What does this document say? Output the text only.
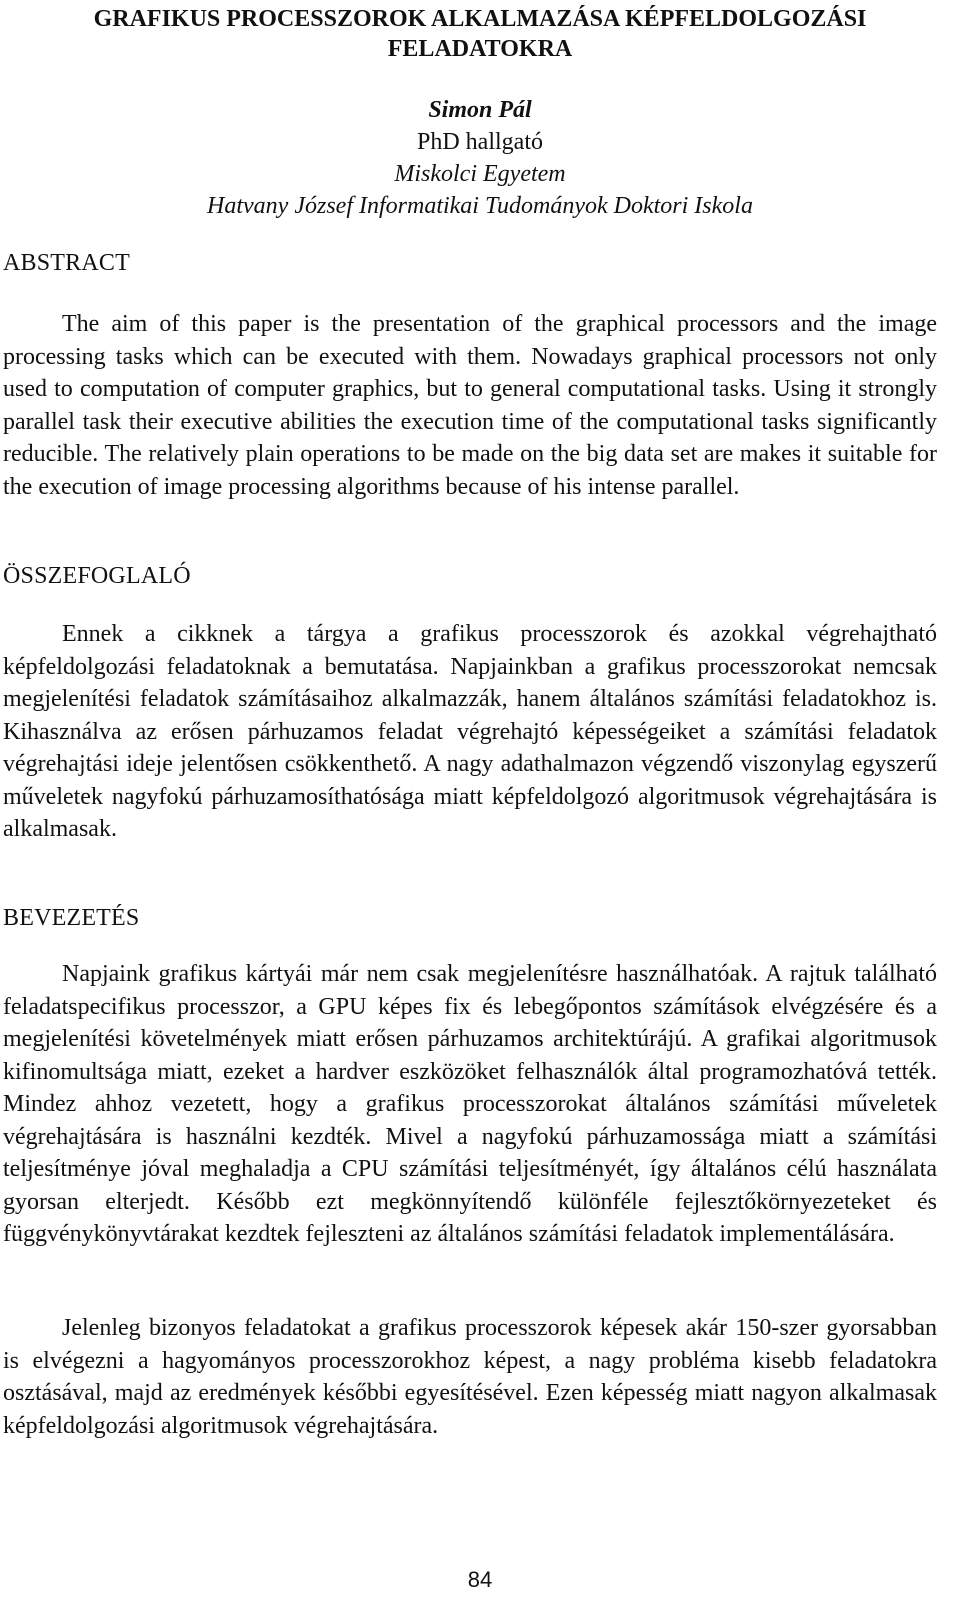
GRAFIKUS PROCESSZOROK ALKALMAZÁSA KÉPFELDOLGOZÁSI FELADATOKRA
Simon Pál
PhD hallgató
Miskolci Egyetem
Hatvany József Informatikai Tudományok Doktori Iskola
ABSTRACT

The aim of this paper is the presentation of the graphical processors and the image processing tasks which can be executed with them. Nowadays graphical processors not only used to computation of computer graphics, but to general computational tasks. Using it strongly parallel task their executive abilities the execution time of the computational tasks significantly reducible. The relatively plain operations to be made on the big data set are makes it suitable for the execution of image processing algorithms because of his intense parallel.

ÖSSZEFOGLALÓ

Ennek a cikknek a tárgya a grafikus processzorok és azokkal végrehajtható képfeldolgozási feladatoknak a bemutatása. Napjainkban a grafikus processzorokat nemcsak megjelenítési feladatok számításaihoz alkalmazzák, hanem általános számítási feladatokhoz is. Kihasználva az erősen párhuzamos feladat végrehajtó képességeiket a számítási feladatok végrehajtási ideje jelentősen csökkenthető. A nagy adathalmazon végzendő viszonylag egyszerű műveletek nagyfokú párhuzamosíthatósága miatt képfeldolgozó algoritmusok végrehajtására is alkalmasak.

BEVEZETÉS

Napjaink grafikus kártyái már nem csak megjelenítésre használhatóak. A rajtuk található feladatspecifikus processzor, a GPU képes fix és lebegőpontos számítások elvégzésére és a megjelenítési követelmények miatt erősen párhuzamos architektúrájú. A grafikai algoritmusok kifinomultsága miatt, ezeket a hardver eszközöket felhasználók által programozhatóvá tették. Mindez ahhoz vezetett, hogy a grafikus processzorokat általános számítási műveletek végrehajtására is használni kezdték. Mivel a nagyfokú párhuzamossága miatt a számítási teljesítménye jóval meghaladja a CPU számítási teljesítményét, így általános célú használata gyorsan elterjedt. Később ezt megkönnyítendő különféle fejlesztőkörnyezeteket és függvénykönyvtárakat kezdtek fejleszteni az általános számítási feladatok implementálására.

Jelenleg bizonyos feladatokat a grafikus processzorok képesek akár 150-szer gyorsabban is elvégezni a hagyományos processzorokhoz képest, a nagy probléma kisebb feladatokra osztásával, majd az eredmények későbbi egyesítésével. Ezen képesség miatt nagyon alkalmasak képfeldolgozási algoritmusok végrehajtására.

84
